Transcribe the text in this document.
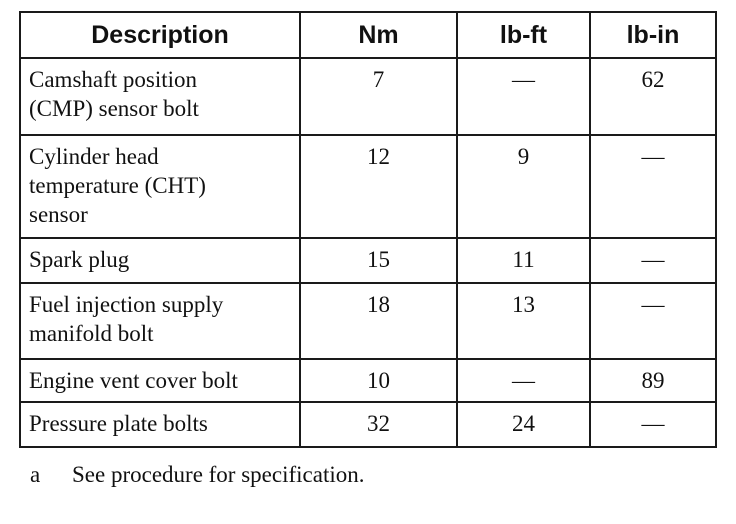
Description	Nm	lb-ft	lb-in
Camshaft position
(CMP) sensor bolt	7	—	62
Cylinder head
temperature (CHT)
sensor	12	9	—
Spark plug	15	11	—
Fuel injection supply
manifold bolt	18	13	—
Engine vent cover bolt	10	—	89
Pressure plate bolts	32	24	—
a See procedure for specification.
